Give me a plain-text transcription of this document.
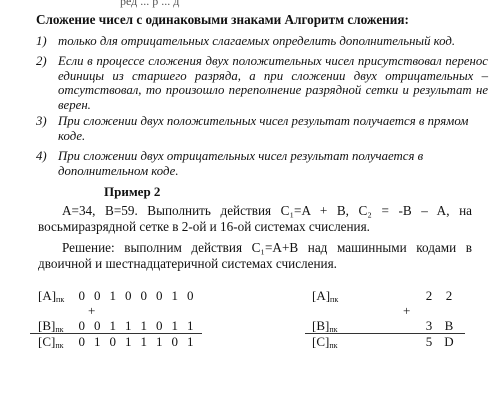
ред ... р ... д
Сложение чисел с одинаковыми знаками Алгоритм сложения:
1) только для отрицательных слагаемых определить дополнительный код.
2) Если в процессе сложения двух положительных чисел присутствовал перенос единицы из старшего разряда, а при сложении двух отрицательных – отсутствовал, то произошло переполнение разрядной сетки и результат не верен.
3) При сложении двух положительных чисел результат получается в прямом коде.
4) При сложении двух отрицательных чисел результат получается в дополнительном коде.
Пример 2
A=34, B=59. Выполнить действия C₁=A + B, C₂ = -B – A, на восьмиразрядной сетке в 2-ой и 16-ой системах счисления.
Решение: выполним действия C₁=A+B над машинными кодами в двоичной и шестнадцатеричной системах счисления.
$[A]_{пк}$	0 0 1 0 0 0 1 0
+
$[B]_{пк}$	0 0 1 1 1 0 1 1
$[C]_{пк}$	0 1 0 1 1 1 0 1
$[A]_{пк}$	2 2
+
$[B]_{пк}$	3 B
$[C]_{пк}$	5 D
